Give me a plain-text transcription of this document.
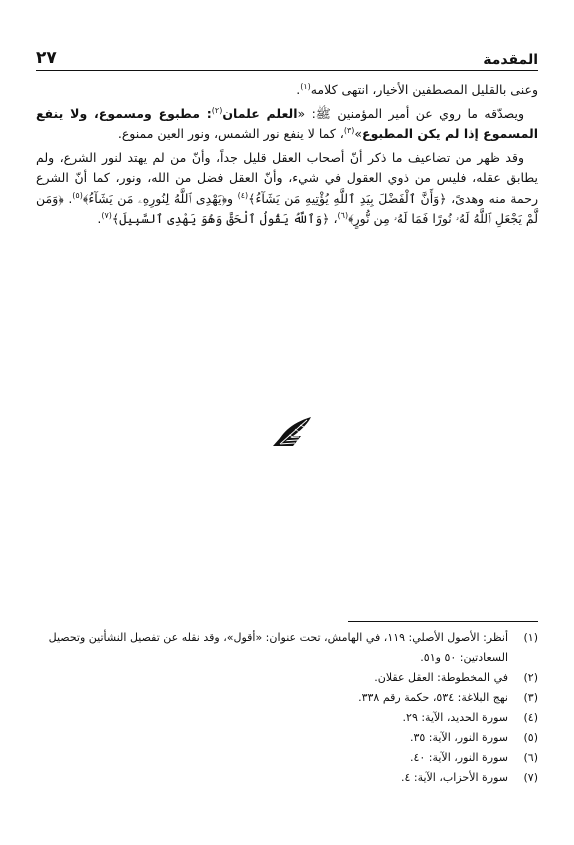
المقدمة
٢٧

وعنى بالقليل المصطفين الأخيار، انتهى كلامه$^{(١)}$.

ويصدّقه ما روي عن أمير المؤمنين ﷺ: «العلم علمان$^{(٢)}$: مطبوع ومسموع، ولا ينفع المسموع إذا لم يكن المطبوع»$^{(٣)}$، كما لا ينفع نور الشمس، ونور العين ممنوع.

وقد ظهر من تضاعيف ما ذكر أنّ أصحاب العقل قليل جداً، وأنّ من لم يهتد لنور الشرع، ولم يطابق عقله، فليس من ذوي العقول في شيء، وأنّ العقل فضل من الله، ونور، كما أنّ الشرع رحمة منه وهدىً، ﴿وَأَنَّ ٱلْفَضْلَ بِيَدِ ٱللَّهِ يُؤْتِيهِ مَن يَشَآءُ﴾$^{(٤)}$ و﴿يَهْدِى ٱللَّهُ لِنُورِهِۦ مَن يَشَآءُ﴾$^{(٥)}$. ﴿وَمَن لَّمْ يَجْعَلِ ٱللَّهُ لَهُۥ نُورًا فَمَا لَهُۥ مِن نُّورٍ﴾$^{(٦)}$، ﴿وَٱللَّهُ يَقُولُ ٱلْحَقَّ وَهُوَ يَهْدِى ٱلسَّبِيلَ﴾$^{(٧)}$.

(١)
أنظر: الأصول الأصلي: ١١٩، في الهامش، تحت عنوان: «أقول»، وقد نقله عن تفصيل النشأتين وتحصيل السعادتين: ٥٠ و٥١.
(٢)
في المخطوطة: العقل عقلان.
(٣)
نهج البلاغة: ٥٣٤، حكمة رقم ٣٣٨.
(٤)
سورة الحديد، الآية: ٢٩.
(٥)
سورة النور، الآية: ٣٥.
(٦)
سورة النور، الآية: ٤٠.
(٧)
سورة الأحزاب، الآية: ٤.
